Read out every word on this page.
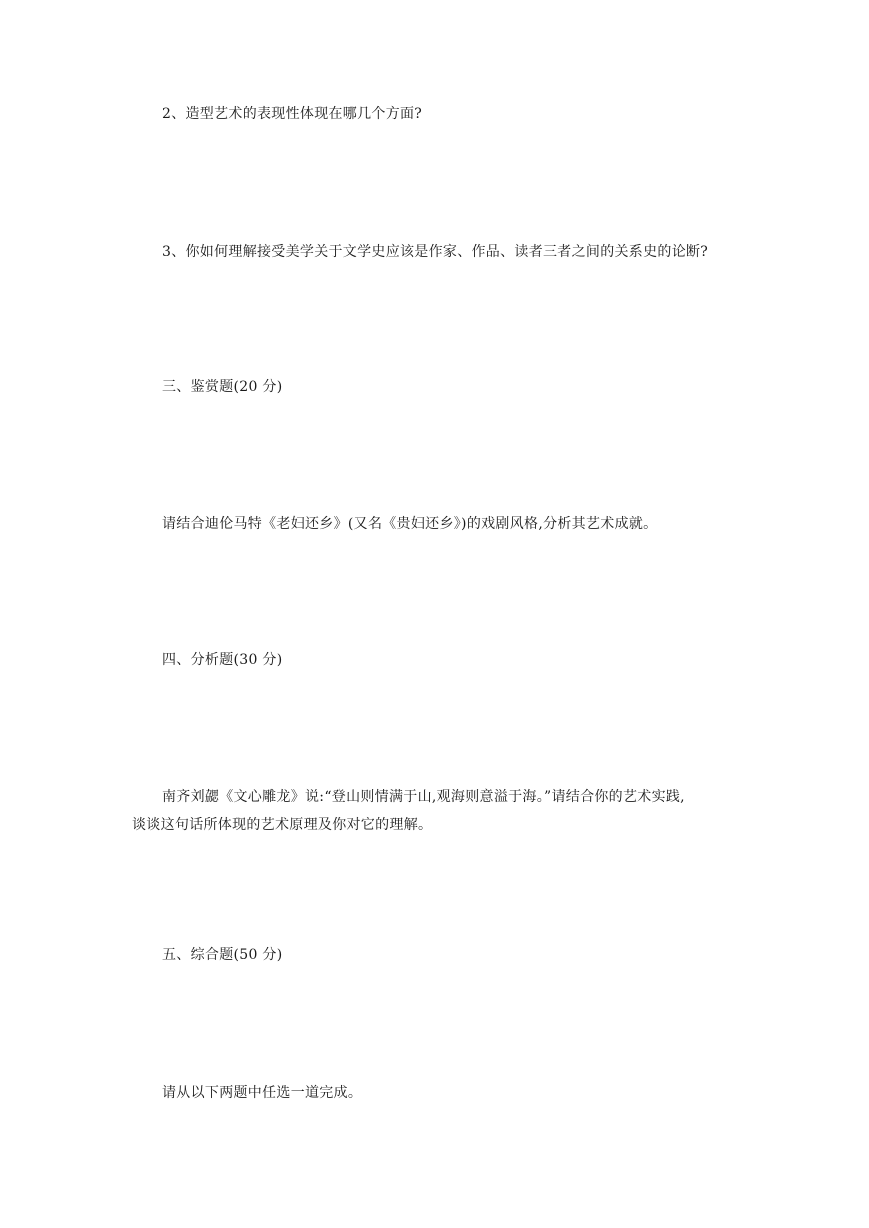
2、造型艺术的表现性体现在哪几个方面?
3、你如何理解接受美学关于文学史应该是作家、作品、读者三者之间的关系史的论断?
三、鉴赏题(20 分)
请结合迪伦马特《老妇还乡》(又名《贵妇还乡》)的戏剧风格,分析其艺术成就。
四、分析题(30 分)
南齐刘勰《文心雕龙》说:“登山则情满于山,观海则意溢于海。”请结合你的艺术实践,
谈谈这句话所体现的艺术原理及你对它的理解。
五、综合题(50 分)
请从以下两题中任选一道完成。
